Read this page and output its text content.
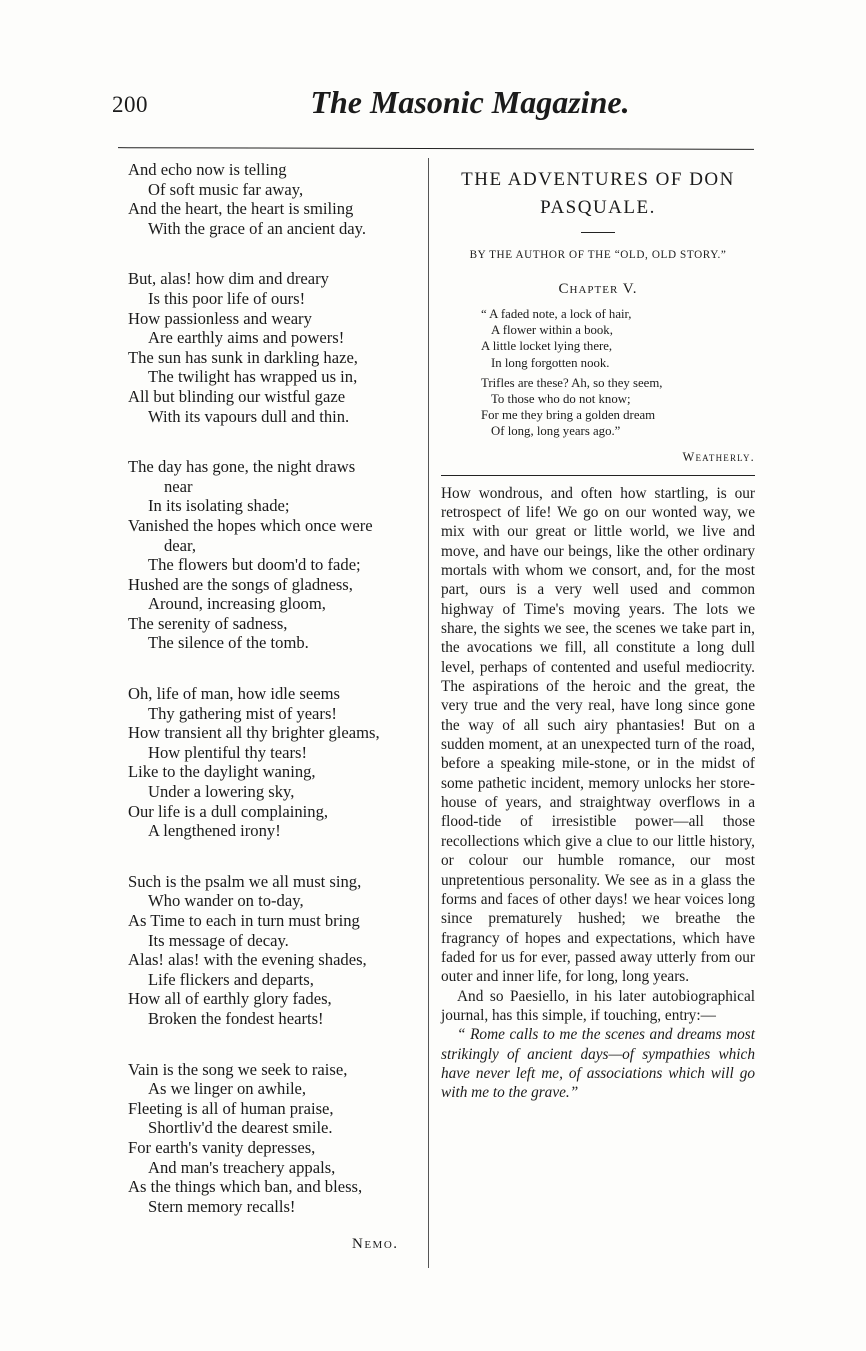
200	The Masonic Magazine.
And echo now is telling
Of soft music far away,
And the heart, the heart is smiling
With the grace of an ancient day.
But, alas! how dim and dreary
Is this poor life of ours!
How passionless and weary
Are earthly aims and powers!
The sun has sunk in darkling haze,
The twilight has wrapped us in,
All but blinding our wistful gaze
With its vapours dull and thin.
The day has gone, the night draws
near
In its isolating shade;
Vanished the hopes which once were
dear,
The flowers but doom'd to fade;
Hushed are the songs of gladness,
Around, increasing gloom,
The serenity of sadness,
The silence of the tomb.
Oh, life of man, how idle seems
Thy gathering mist of years!
How transient all thy brighter gleams,
How plentiful thy tears!
Like to the daylight waning,
Under a lowering sky,
Our life is a dull complaining,
A lengthened irony!
Such is the psalm we all must sing,
Who wander on to-day,
As Time to each in turn must bring
Its message of decay.
Alas! alas! with the evening shades,
Life flickers and departs,
How all of earthly glory fades,
Broken the fondest hearts!
Vain is the song we seek to raise,
As we linger on awhile,
Fleeting is all of human praise,
Shortliv'd the dearest smile.
For earth's vanity depresses,
And man's treachery appals,
As the things which ban, and bless,
Stern memory recalls!
Nemo.
THE ADVENTURES OF DON PASQUALE.
BY THE AUTHOR OF THE “OLD, OLD STORY.”
Chapter V.
“ A faded note, a lock of hair,
A flower within a book,
A little locket lying there,
In long forgotten nook.
Trifles are these? Ah, so they seem,
To those who do not know;
For me they bring a golden dream
Of long, long years ago.”
Weatherly.

How wondrous, and often how startling, is our retrospect of life! We go on our wonted way, we mix with our great or little world, we live and move, and have our beings, like the other ordinary mortals with whom we consort, and, for the most part, ours is a very well used and common highway of Time's moving years. The lots we share, the sights we see, the scenes we take part in, the avocations we fill, all constitute a long dull level, perhaps of contented and useful mediocrity. The aspirations of the heroic and the great, the very true and the very real, have long since gone the way of all such airy phantasies! But on a sudden moment, at an unexpected turn of the road, before a speaking mile-stone, or in the midst of some pathetic incident, memory unlocks her store-house of years, and straightway overflows in a flood-tide of irresistible power—all those recollections which give a clue to our little history, or colour our humble romance, our most unpretentious personality. We see as in a glass the forms and faces of other days! we hear voices long since prematurely hushed; we breathe the fragrancy of hopes and expectations, which have faded for us for ever, passed away utterly from our outer and inner life, for long, long years.

And so Paesiello, in his later autobiographical journal, has this simple, if touching, entry:—

“ Rome calls to me the scenes and dreams most strikingly of ancient days—of sympathies which have never left me, of associations which will go with me to the grave.”
